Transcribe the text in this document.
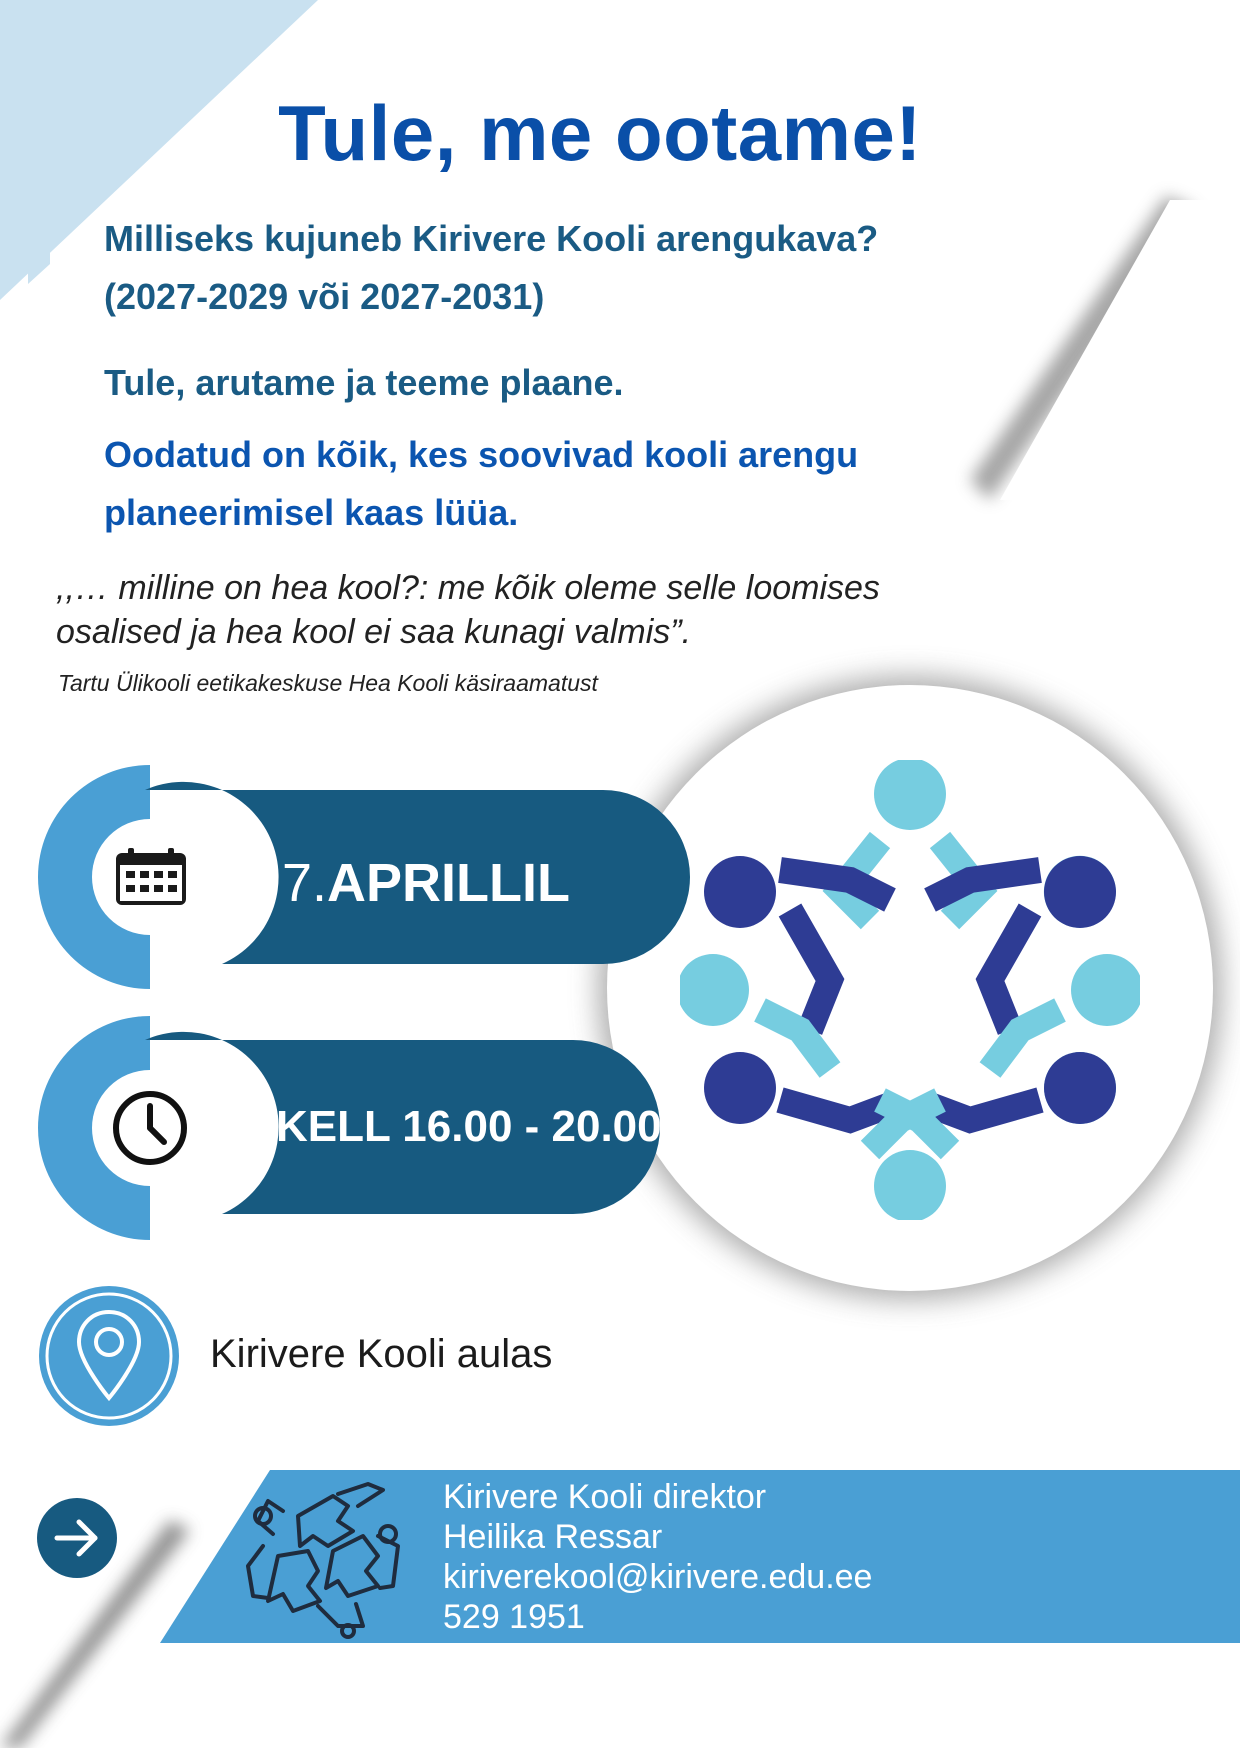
Tule, me ootame!

Milliseks kujuneb Kirivere Kooli arengukava?

(2027-2029 või 2027-2031)

Tule, arutame ja teeme plaane.

Oodatud on kõik, kes soovivad kooli arengu

planeerimisel kaas lüüa.

,,… milline on hea kool?: me kõik oleme selle loomises
osalised ja hea kool ei saa kunagi valmis”.

Tartu Ülikooli eetikakeskuse Hea Kooli käsiraamatust

7.APRILLIL
KELL 16.00 - 20.00
Kirivere Kooli aulas
Kirivere Kooli direktor
Heilika Ressar
kiriverekool@kirivere.edu.ee
529 1951
